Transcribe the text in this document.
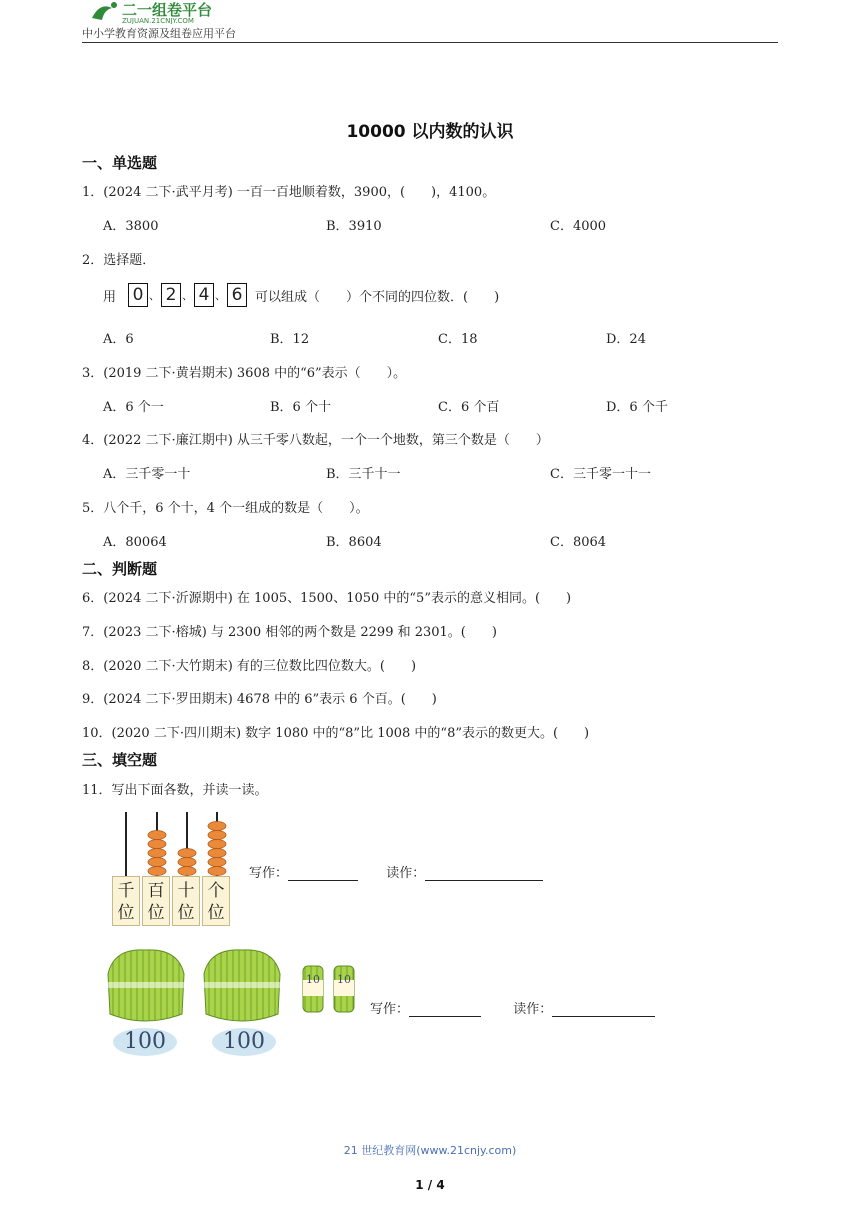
二一组卷平台
ZUJUAN.21CNJY.COM
中小学教育资源及组卷应用平台
10000 以内数的认识
一、单选题
1．(2024 二下·武平月考) 一百一百地顺着数，3900，(　　)，4100。
A．3800	B．3910	C．4000
2．选择题．
用 0 、 2 、 4 、 6 可以组成（　　）个不同的四位数．(　　)
A．6	B．12	C．18	D．24
3．(2019 二下·黄岩期末) 3608 中的“6”表示（　　）。
A．6 个一	B．6 个十	C．6 个百	D．6 个千
4．(2022 二下·廉江期中) 从三千零八数起，一个一个地数，第三个数是（　　）
A．三千零一十	B．三千十一	C．三千零一十一
5．八个千，6 个十，4 个一组成的数是（　　）。
A．80064	B．8604	C．8064
二、判断题
6．(2024 二下·沂源期中) 在 1005、1500、1050 中的“5”表示的意义相同。(　　)
7．(2023 二下·榕城) 与 2300 相邻的两个数是 2299 和 2301。(　　)
8．(2020 二下·大竹期末) 有的三位数比四位数大。(　　)
9．(2024 二下·罗田期末) 4678 中的 6”表示 6 个百。(　　)
10．(2020 二下·四川期末) 数字 1080 中的“8”比 1008 中的“8”表示的数更大。(　　)
三、填空题
11．写出下面各数，并读一读。
千
位
百
位
十
位
个
位
写作：	读作：
100	100
10 10
写作：	读作：
21 世纪教育网(www.21cnjy.com)
1 / 4
